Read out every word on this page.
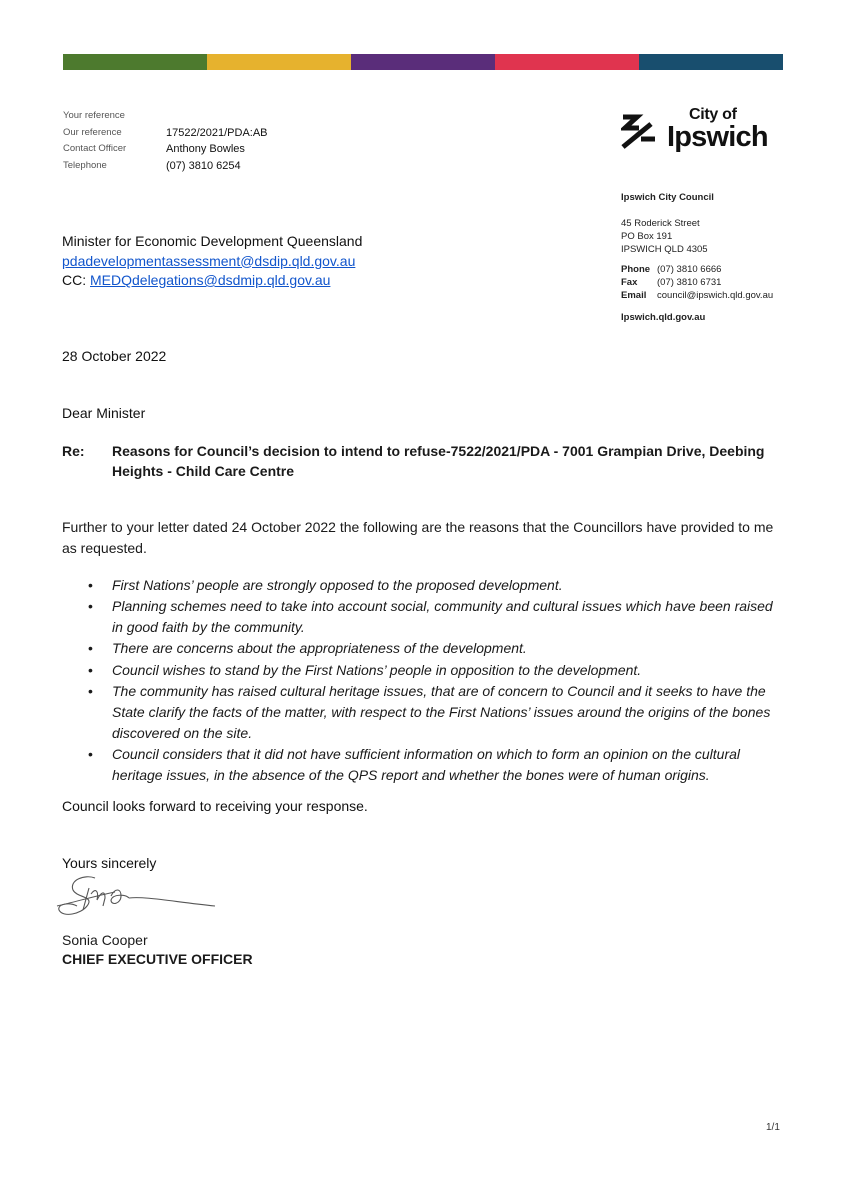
Your reference
Our reference	17522/2021/PDA:AB
Contact Officer	Anthony Bowles
Telephone	(07) 3810 6254
City of
Ipswich
Ipswich City Council
45 Roderick Street
PO Box 191
IPSWICH QLD 4305
Phone (07) 3810 6666
Fax	(07) 3810 6731
Email	council@ipswich.qld.gov.au
Ipswich.qld.gov.au
Minister for Economic Development Queensland
pdadevelopmentassessment@dsdip.qld.gov.au
CC: MEDQdelegations@dsdmip.qld.gov.au
28 October 2022
Dear Minister
Re:	Reasons for Council’s decision to intend to refuse-7522/2021/PDA - 7001 Grampian Drive, Deebing Heights - Child Care Centre
Further to your letter dated 24 October 2022 the following are the reasons that the Councillors have provided to me as requested.
• First Nations’ people are strongly opposed to the proposed development.
• Planning schemes need to take into account social, community and cultural issues which have been raised in good faith by the community.
• There are concerns about the appropriateness of the development.
• Council wishes to stand by the First Nations’ people in opposition to the development.
• The community has raised cultural heritage issues, that are of concern to Council and it seeks to have the State clarify the facts of the matter, with respect to the First Nations’ issues around the origins of the bones discovered on the site.
• Council considers that it did not have sufficient information on which to form an opinion on the cultural heritage issues, in the absence of the QPS report and whether the bones were of human origins.
Council looks forward to receiving your response.
Yours sincerely
Sonia Cooper
CHIEF EXECUTIVE OFFICER
1/1
